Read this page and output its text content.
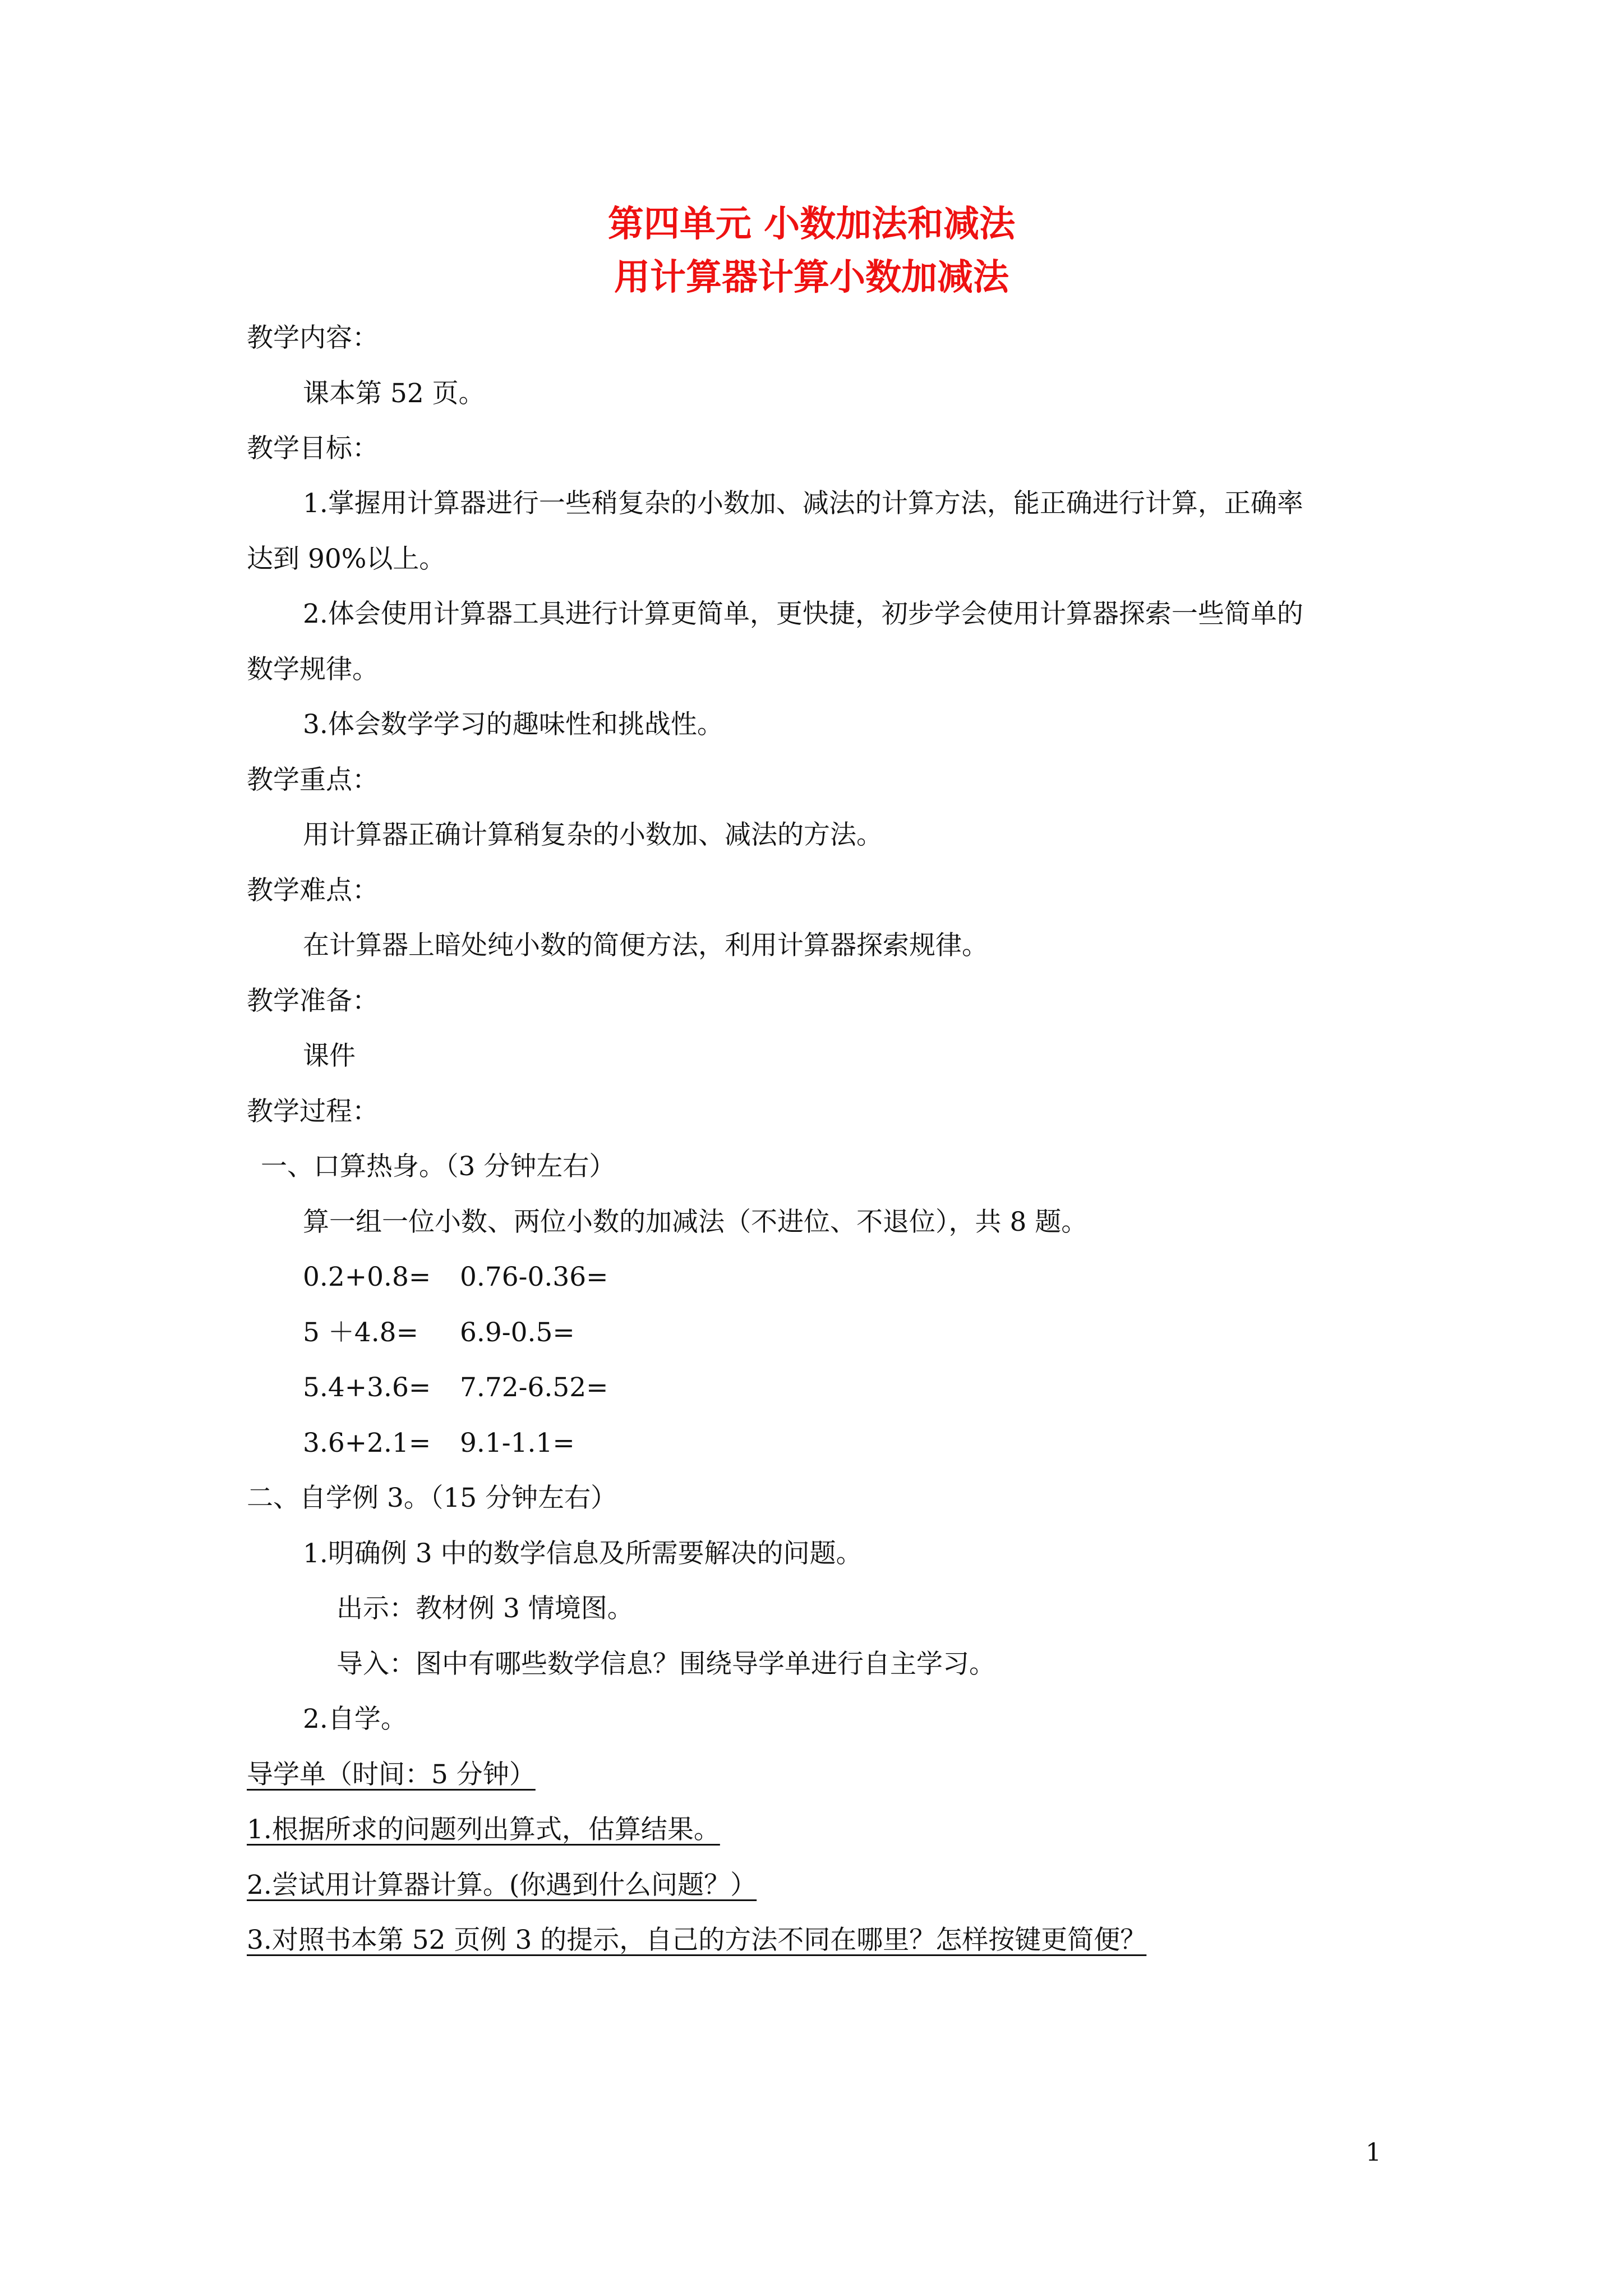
第四单元 小数加法和减法
用计算器计算小数加减法
教学内容：
课本第 52 页。
教学目标：
1.掌握用计算器进行一些稍复杂的小数加、减法的计算方法，能正确进行计算，正确率
达到 90%以上。
2.体会使用计算器工具进行计算更简单，更快捷，初步学会使用计算器探索一些简单的
数学规律。
3.体会数学学习的趣味性和挑战性。
教学重点：
用计算器正确计算稍复杂的小数加、减法的方法。
教学难点：
在计算器上暗处纯小数的简便方法，利用计算器探索规律。
教学准备：
课件
教学过程：
一、口算热身。（3 分钟左右）
算一组一位小数、两位小数的加减法（不进位、不退位），共 8 题。
0.2+0.8= 0.76-0.36=
5 ＋4.8= 6.9-0.5=
5.4+3.6= 7.72-6.52=
3.6+2.1= 9.1-1.1=
二、自学例 3。（15 分钟左右）
1.明确例 3 中的数学信息及所需要解决的问题。
出示：教材例 3 情境图。
导入：图中有哪些数学信息？围绕导学单进行自主学习。
2.自学。
导学单（时间：5 分钟）
1.根据所求的问题列出算式，估算结果。
2.尝试用计算器计算。(你遇到什么问题？）
3.对照书本第 52 页例 3 的提示，自己的方法不同在哪里？怎样按键更简便？
1
